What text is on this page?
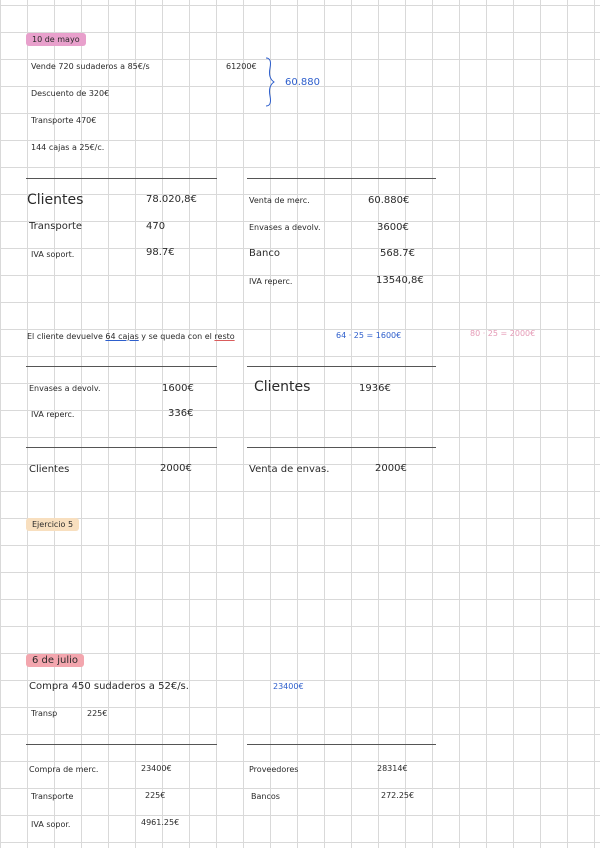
10 de mayo
Vende 720 sudaderos a 85€/s
Descuento de 320€
Transporte 470€
144 cajas a 25€/c.
61200€
60.880
Clientes	78.020,8€
Transporte	470
IVA soport.	98.7€
Venta de merc.	60.880€
Envases a devolv.	3600€
Banco	568.7€
IVA reperc.	13540,8€
El cliente devuelve 64 cajas y se queda con el resto	64 · 25 = 1600€	80 · 25 = 2000€
Envases a devolv.	1600€
IVA reperc.	336€
Clientes	1936€
Clientes	2000€	Venta de envas.	2000€
Ejercicio 5
6 de julio
Compra 450 sudaderos a 52€/s.	23400€
Transp	225€
Compra de merc.	23400€
Transporte	225€
IVA sopor.	4961.25€
Proveedores	28314€
Bancos	272.25€
